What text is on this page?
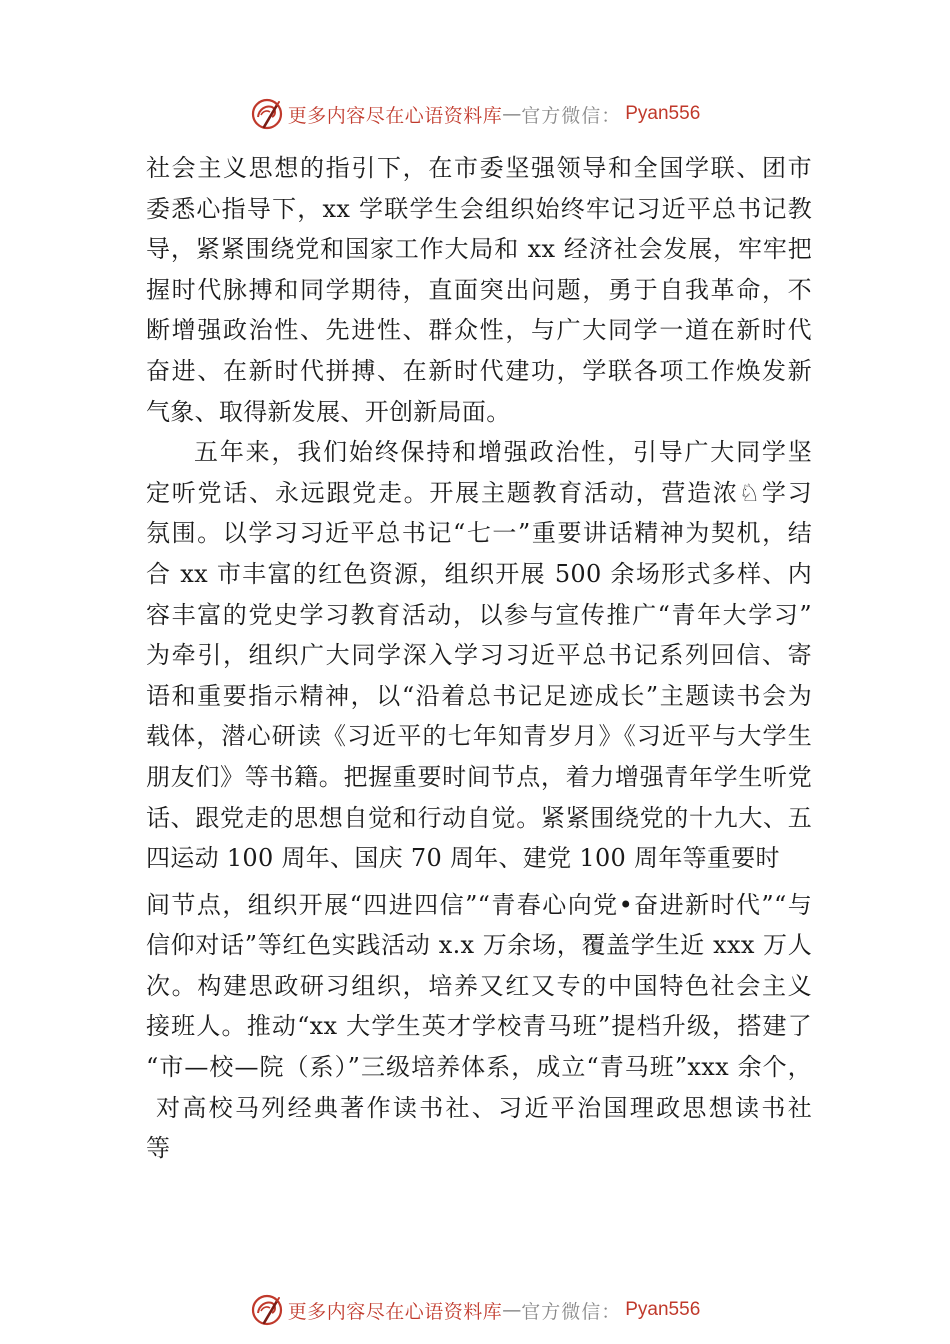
更多内容尽在心语资料库 — 官方微信： Pyan556
社会主义思想的指引下，在市委坚强领导和全国学联、团市
委悉心指导下，xx 学联学生会组织始终牢记习近平总书记教
导，紧紧围绕党和国家工作大局和 xx 经济社会发展，牢牢把
握时代脉搏和同学期待，直面突出问题，勇于自我革命，不
断增强政治性、先进性、群众性，与广大同学一道在新时代
奋进、在新时代拼搏、在新时代建功，学联各项工作焕发新
气象、取得新发展、开创新局面。
五年来，我们始终保持和增强政治性，引导广大同学坚
定听党话、永远跟党走。开展主题教育活动，营造浓♘学习
氛围。以学习习近平总书记“七一”重要讲话精神为契机，结
合 xx 市丰富的红色资源，组织开展 500 余场形式多样、内
容丰富的党史学习教育活动，以参与宣传推广“青年大学习”
为牵引，组织广大同学深入学习习近平总书记系列回信、寄
语和重要指示精神，以“沿着总书记足迹成长”主题读书会为
载体，潜心研读《习近平的七年知青岁月》《习近平与大学生
朋友们》等书籍。把握重要时间节点，着力增强青年学生听党
话、跟党走的思想自觉和行动自觉。紧紧围绕党的十九大、五
四运动 100 周年、国庆 70 周年、建党 100 周年等重要时
间节点，组织开展“四进四信”“青春心向党•奋进新时代”“与
信仰对话”等红色实践活动 x.x 万余场，覆盖学生近 xxx 万人
次。构建思政研习组织，培养又红又专的中国特色社会主义
接班人。推动“xx 大学生英才学校青马班”提档升级，搭建了
“市—校—院（系）”三级培养体系，成立“青马班”xxx 余个，
对高校马列经典著作读书社、习近平治国理政思想读书社
等
更多内容尽在心语资料库 — 官方微信： Pyan556
